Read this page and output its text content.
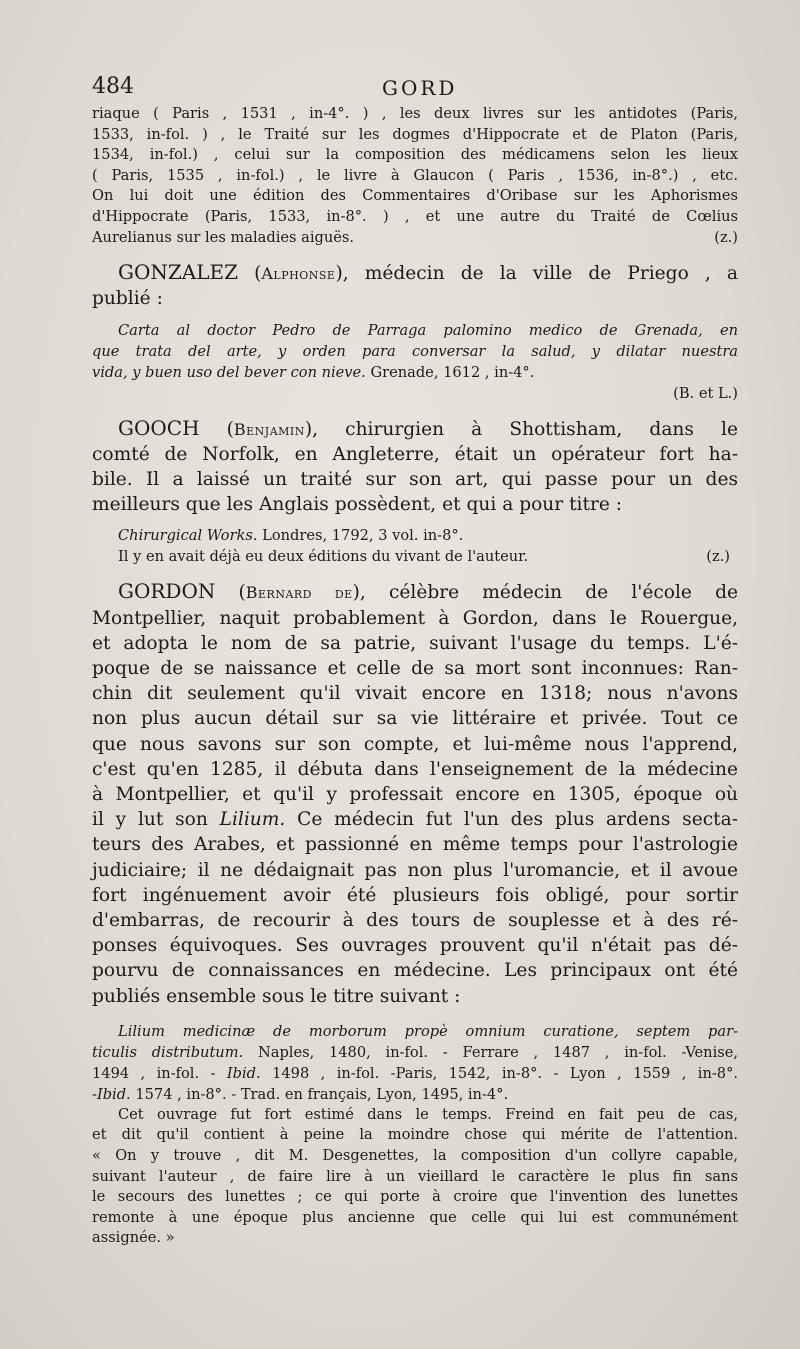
484	GORD
riaque ( Paris , 1531 , in-4°. ) , les deux livres sur les antidotes (Paris,
1533, in-fol. ) , le Traité sur les dogmes d'Hippocrate et de Platon (Paris,
1534, in-fol.) , celui sur la composition des médicamens selon les lieux
( Paris, 1535 , in-fol.) , le livre à Glaucon ( Paris , 1536, in-8°.) , etc.
On lui doit une édition des Commentaires d'Oribase sur les Aphorismes
d'Hippocrate (Paris, 1533, in-8°. ) , et une autre du Traité de Cœlius
Aurelianus sur les maladies aiguës.	(z.)
GONZALEZ (Alphonse), médecin de la ville de Priego , a
publié :
Carta al doctor Pedro de Parraga palomino medico de Grenada, en
que trata del arte, y orden para conversar la salud, y dilatar nuestra
vida, y buen uso del bever con nieve. Grenade, 1612 , in-4°.
(B. et L.)
GOOCH (Benjamin), chirurgien à Shottisham, dans le
comté de Norfolk, en Angleterre, était un opérateur fort ha-
bile. Il a laissé un traité sur son art, qui passe pour un des
meilleurs que les Anglais possèdent, et qui a pour titre :
Chirurgical Works. Londres, 1792, 3 vol. in-8°.
Il y en avait déjà eu deux éditions du vivant de l'auteur.	(z.)
GORDON (Bernard de), célèbre médecin de l'école de
Montpellier, naquit probablement à Gordon, dans le Rouergue,
et adopta le nom de sa patrie, suivant l'usage du temps. L'é-
poque de se naissance et celle de sa mort sont inconnues: Ran-
chin dit seulement qu'il vivait encore en 1318; nous n'avons
non plus aucun détail sur sa vie littéraire et privée. Tout ce
que nous savons sur son compte, et lui-même nous l'apprend,
c'est qu'en 1285, il débuta dans l'enseignement de la médecine
à Montpellier, et qu'il y professait encore en 1305, époque où
il y lut son Lilium. Ce médecin fut l'un des plus ardens secta-
teurs des Arabes, et passionné en même temps pour l'astrologie
judiciaire; il ne dédaignait pas non plus l'uromancie, et il avoue
fort ingénuement avoir été plusieurs fois obligé, pour sortir
d'embarras, de recourir à des tours de souplesse et à des ré-
ponses équivoques. Ses ouvrages prouvent qu'il n'était pas dé-
pourvu de connaissances en médecine. Les principaux ont été
publiés ensemble sous le titre suivant :
Lilium medicinæ de morborum propè omnium curatione, septem par-
ticulis distributum. Naples, 1480, in-fol. - Ferrare , 1487 , in-fol. -Venise,
1494 , in-fol. - Ibid. 1498 , in-fol. -Paris, 1542, in-8°. - Lyon , 1559 , in-8°.
-Ibid. 1574 , in-8°. - Trad. en français, Lyon, 1495, in-4°.
Cet ouvrage fut fort estimé dans le temps. Freind en fait peu de cas,
et dit qu'il contient à peine la moindre chose qui mérite de l'attention.
« On y trouve , dit M. Desgenettes, la composition d'un collyre capable,
suivant l'auteur , de faire lire à un vieillard le caractère le plus fin sans
le secours des lunettes ; ce qui porte à croire que l'invention des lunettes
remonte à une époque plus ancienne que celle qui lui est communément
assignée. »
